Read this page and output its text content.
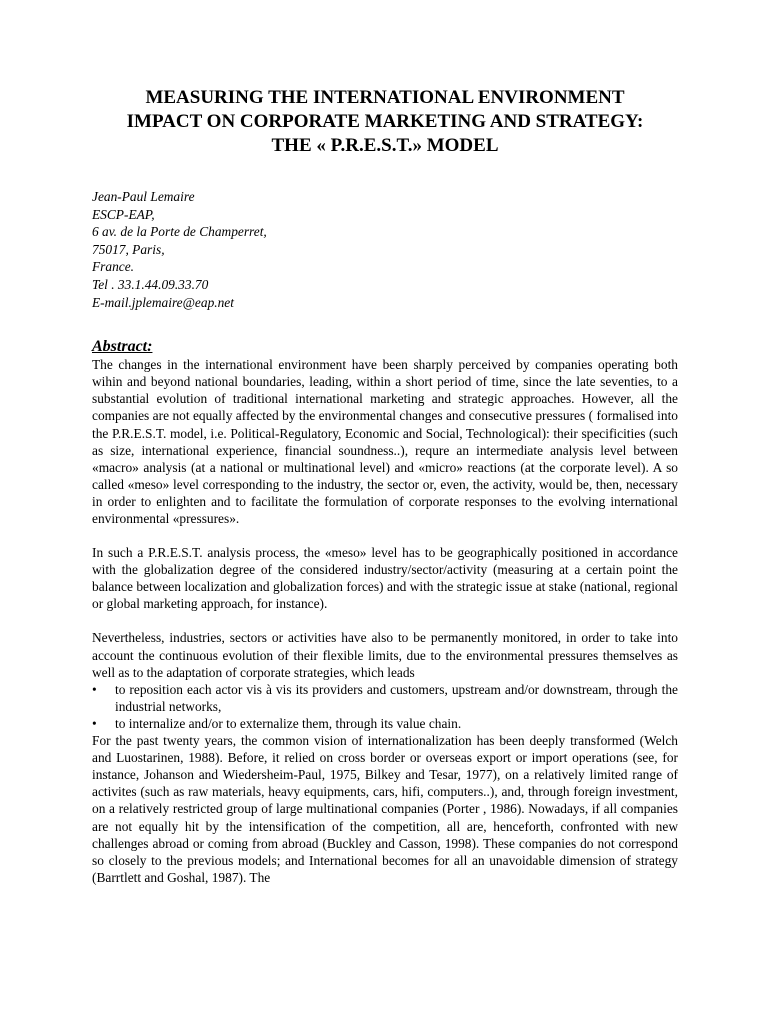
MEASURING THE INTERNATIONAL ENVIRONMENT
IMPACT ON CORPORATE MARKETING AND STRATEGY:
THE « P.R.E.S.T.» MODEL
Jean-Paul Lemaire
ESCP-EAP,
6 av. de la Porte de Champerret,
75017, Paris,
France.
Tel . 33.1.44.09.33.70
E-mail.jplemaire@eap.net
Abstract:

The changes in the international environment have been sharply perceived by companies operating both wihin and beyond national boundaries, leading, within a short period of time, since the late seventies, to a substantial evolution of traditional international marketing and strategic approaches. However, all the companies are not equally affected by the environmental changes and consecutive pressures ( formalised into the P.R.E.S.T. model, i.e. Political-Regulatory, Economic and Social, Technological): their specificities (such as size, international experience, financial soundness..), requre an intermediate analysis level between «macro» analysis (at a national or multinational level) and «micro» reactions (at the corporate level). A so called «meso» level corresponding to the industry, the sector or, even, the activity, would be, then, necessary in order to enlighten and to facilitate the formulation of corporate responses to the evolving international environmental «pressures».

In such a P.R.E.S.T. analysis process, the «meso» level has to be geographically positioned in accordance with the globalization degree of the considered industry/sector/activity (measuring at a certain point the balance between localization and globalization forces) and with the strategic issue at stake (national, regional or global marketing approach, for instance).

Nevertheless, industries, sectors or activities have also to be permanently monitored, in order to take into account the continuous evolution of their flexible limits, due to the environmental pressures themselves as well as to the adaptation of corporate strategies, which leads

• to reposition each actor vis à vis its providers and customers, upstream and/or downstream, through the industrial networks,
• to internalize and/or to externalize them, through its value chain.

For the past twenty years, the common vision of internationalization has been deeply transformed (Welch and Luostarinen, 1988). Before, it relied on cross border or overseas export or import operations (see, for instance, Johanson and Wiedersheim-Paul, 1975, Bilkey and Tesar, 1977), on a relatively limited range of activites (such as raw materials, heavy equipments, cars, hifi, computers..), and, through foreign investment, on a relatively restricted group of large multinational companies (Porter , 1986). Nowadays, if all companies are not equally hit by the intensification of the competition, all are, henceforth, confronted with new challenges abroad or coming from abroad (Buckley and Casson, 1998). These companies do not correspond so closely to the previous models; and International becomes for all an unavoidable dimension of strategy (Barrtlett and Goshal, 1987). The
